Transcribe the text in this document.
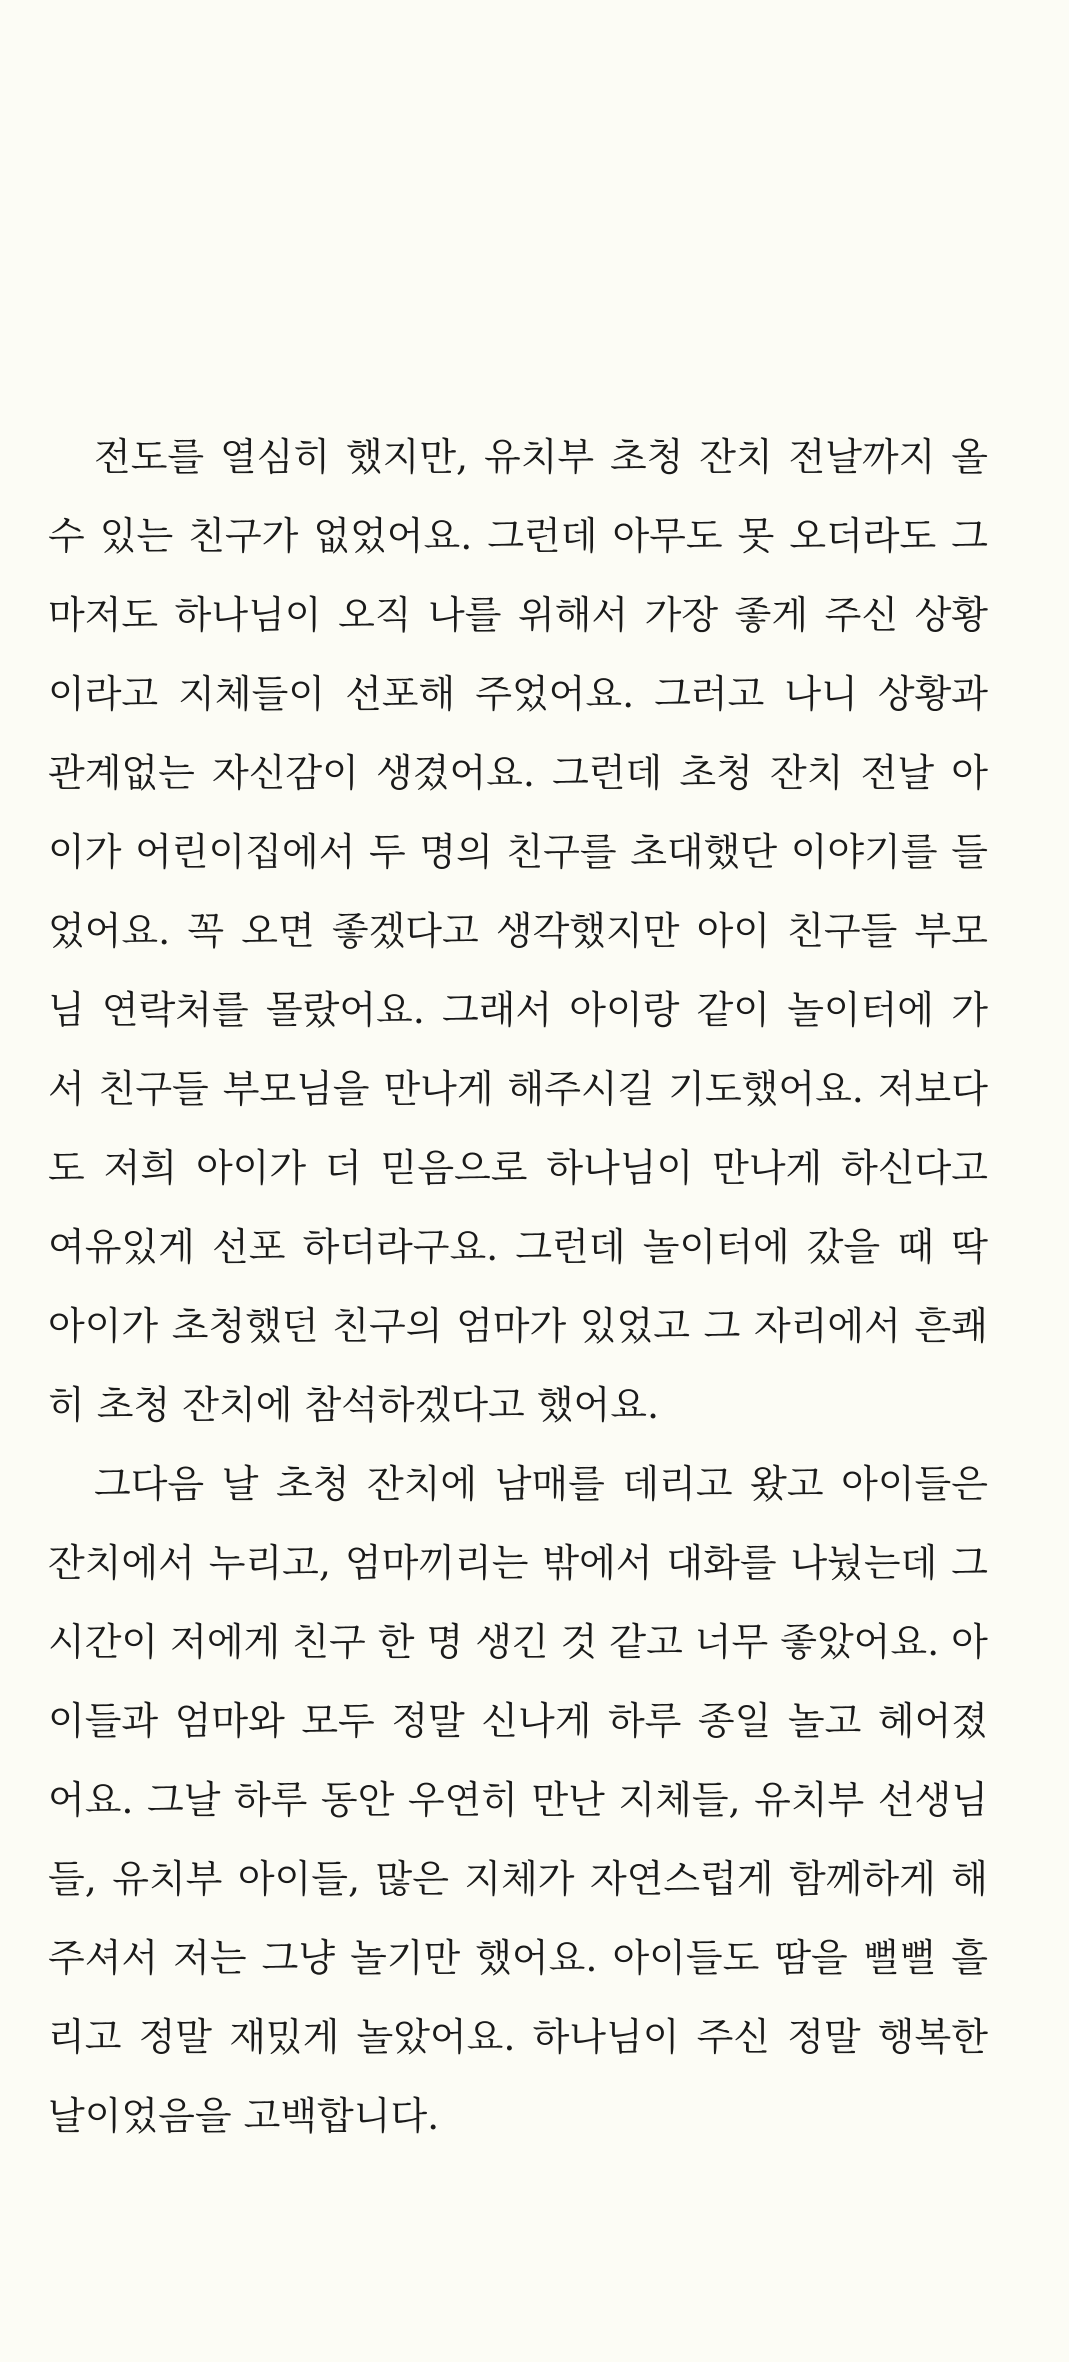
전도를 열심히 했지만, 유치부 초청 잔치 전날까지 올
수 있는 친구가 없었어요. 그런데 아무도 못 오더라도 그
마저도 하나님이 오직 나를 위해서 가장 좋게 주신 상황
이라고 지체들이 선포해 주었어요. 그러고 나니 상황과
관계없는 자신감이 생겼어요. 그런데 초청 잔치 전날 아
이가 어린이집에서 두 명의 친구를 초대했단 이야기를 들
었어요. 꼭 오면 좋겠다고 생각했지만 아이 친구들 부모
님 연락처를 몰랐어요. 그래서 아이랑 같이 놀이터에 가
서 친구들 부모님을 만나게 해주시길 기도했어요. 저보다
도 저희 아이가 더 믿음으로 하나님이 만나게 하신다고
여유있게 선포 하더라구요. 그런데 놀이터에 갔을 때 딱
아이가 초청했던 친구의 엄마가 있었고 그 자리에서 흔쾌
히 초청 잔치에 참석하겠다고 했어요.
그다음 날 초청 잔치에 남매를 데리고 왔고 아이들은
잔치에서 누리고, 엄마끼리는 밖에서 대화를 나눴는데 그
시간이 저에게 친구 한 명 생긴 것 같고 너무 좋았어요. 아
이들과 엄마와 모두 정말 신나게 하루 종일 놀고 헤어졌
어요. 그날 하루 동안 우연히 만난 지체들, 유치부 선생님
들, 유치부 아이들, 많은 지체가 자연스럽게 함께하게 해
주셔서 저는 그냥 놀기만 했어요. 아이들도 땀을 뻘뻘 흘
리고 정말 재밌게 놀았어요. 하나님이 주신 정말 행복한
날이었음을 고백합니다.
